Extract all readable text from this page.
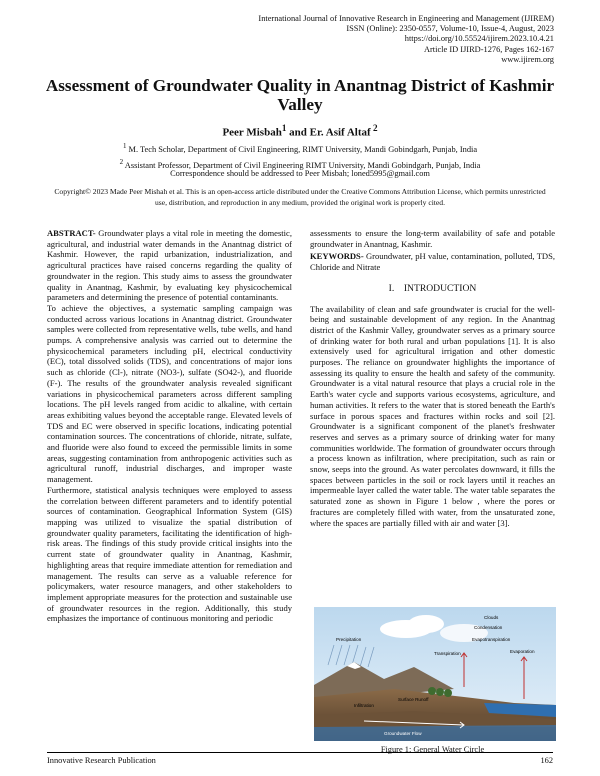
International Journal of Innovative Research in Engineering and Management (IJIREM)
ISSN (Online): 2350-0557, Volume-10, Issue-4, August, 2023
https://doi.org/10.55524/ijirem.2023.10.4.21
Article ID IJIRD-1276, Pages 162-167
www.ijirem.org
Assessment of Groundwater Quality in Anantnag District of Kashmir Valley
Peer Misbah$^1$ and Er. Asif Altaf $^2$
$^1$ M. Tech Scholar, Department of Civil Engineering, RIMT University, Mandi Gobindgarh, Punjab, India
$^2$ Assistant Professor, Department of Civil Engineering RIMT University, Mandi Gobindgarh, Punjab, India
Correspondence should be addressed to Peer Misbah; loned5995@gmail.com
Copyright© 2023 Made Peer Mishah et al. This is an open-access article distributed under the Creative Commons Attribution License, which permits unrestricted use, distribution, and reproduction in any medium, provided the original work is properly cited.

ABSTRACT- Groundwater plays a vital role in meeting the domestic, agricultural, and industrial water demands in the Anantnag district of Kashmir. However, the rapid urbanization, industrialization, and agricultural practices have raised concerns regarding the quality of groundwater in the region. This study aims to assess the groundwater quality in Anantnag, Kashmir, by evaluating key physicochemical parameters and determining the presence of potential contaminants.

To achieve the objectives, a systematic sampling campaign was conducted across various locations in Anantnag district. Groundwater samples were collected from representative wells, tube wells, and hand pumps. A comprehensive analysis was carried out to determine the physicochemical parameters including pH, electrical conductivity (EC), total dissolved solids (TDS), and concentrations of major ions such as chloride (Cl-), nitrate (NO3-), sulfate (SO42-), and fluoride (F-). The results of the groundwater analysis revealed significant variations in physicochemical parameters across different sampling locations. The pH levels ranged from acidic to alkaline, with certain areas exhibiting values beyond the acceptable range. Elevated levels of TDS and EC were observed in specific locations, indicating potential contamination sources. The concentrations of chloride, nitrate, sulfate, and fluoride were also found to exceed the permissible limits in some areas, suggesting contamination from anthropogenic activities such as agricultural runoff, industrial discharges, and improper waste management.

Furthermore, statistical analysis techniques were employed to assess the correlation between different parameters and to identify potential sources of contamination. Geographical Information System (GIS) mapping was utilized to visualize the spatial distribution of groundwater quality parameters, facilitating the identification of high-risk areas. The findings of this study provide critical insights into the current state of groundwater quality in Anantnag, Kashmir, highlighting areas that require immediate attention for remediation and management. The results can serve as a valuable reference for policymakers, water resource managers, and other stakeholders to implement appropriate measures for the protection and sustainable use of groundwater resources in the region. Additionally, this study emphasizes the importance of continuous monitoring and periodic

assessments to ensure the long-term availability of safe and potable groundwater in Anantnag, Kashmir.

KEYWORDS- Groundwater, pH value, contamination, polluted, TDS, Chloride and Nitrate

I.    INTRODUCTION

The availability of clean and safe groundwater is crucial for the well-being and sustainable development of any region. In the Anantnag district of the Kashmir Valley, groundwater serves as a primary source of drinking water for both rural and urban populations [1]. It is also extensively used for agricultural irrigation and other domestic purposes. The reliance on groundwater highlights the importance of assessing its quality to ensure the health and safety of the community. Groundwater is a vital natural resource that plays a crucial role in the Earth's water cycle and supports various ecosystems, agriculture, and human activities. It refers to the water that is stored beneath the Earth's surface in porous spaces and fractures within rocks and soil [2]. Groundwater is a significant component of the planet's freshwater reserves and serves as a primary source of drinking water for many communities worldwide. The formation of groundwater occurs through a process known as infiltration, where precipitation, such as rain or snow, seeps into the ground. As water percolates downward, it fills the spaces between particles in the soil or rock layers until it reaches an impermeable layer called the water table. The water table separates the saturated zone as shown in Figure 1 below , where the pores or fractures are completely filled with water, from the unsaturated zone, where the spaces are partially filled with air and water [3].

Clouds
Condensation
Evapotranspiration
Precipitation
Transpiration	Evaporation
Infiltration
Surface Runoff
Groundwater Flow
Figure 1: General Water Circle
Innovative Research Publication	162
